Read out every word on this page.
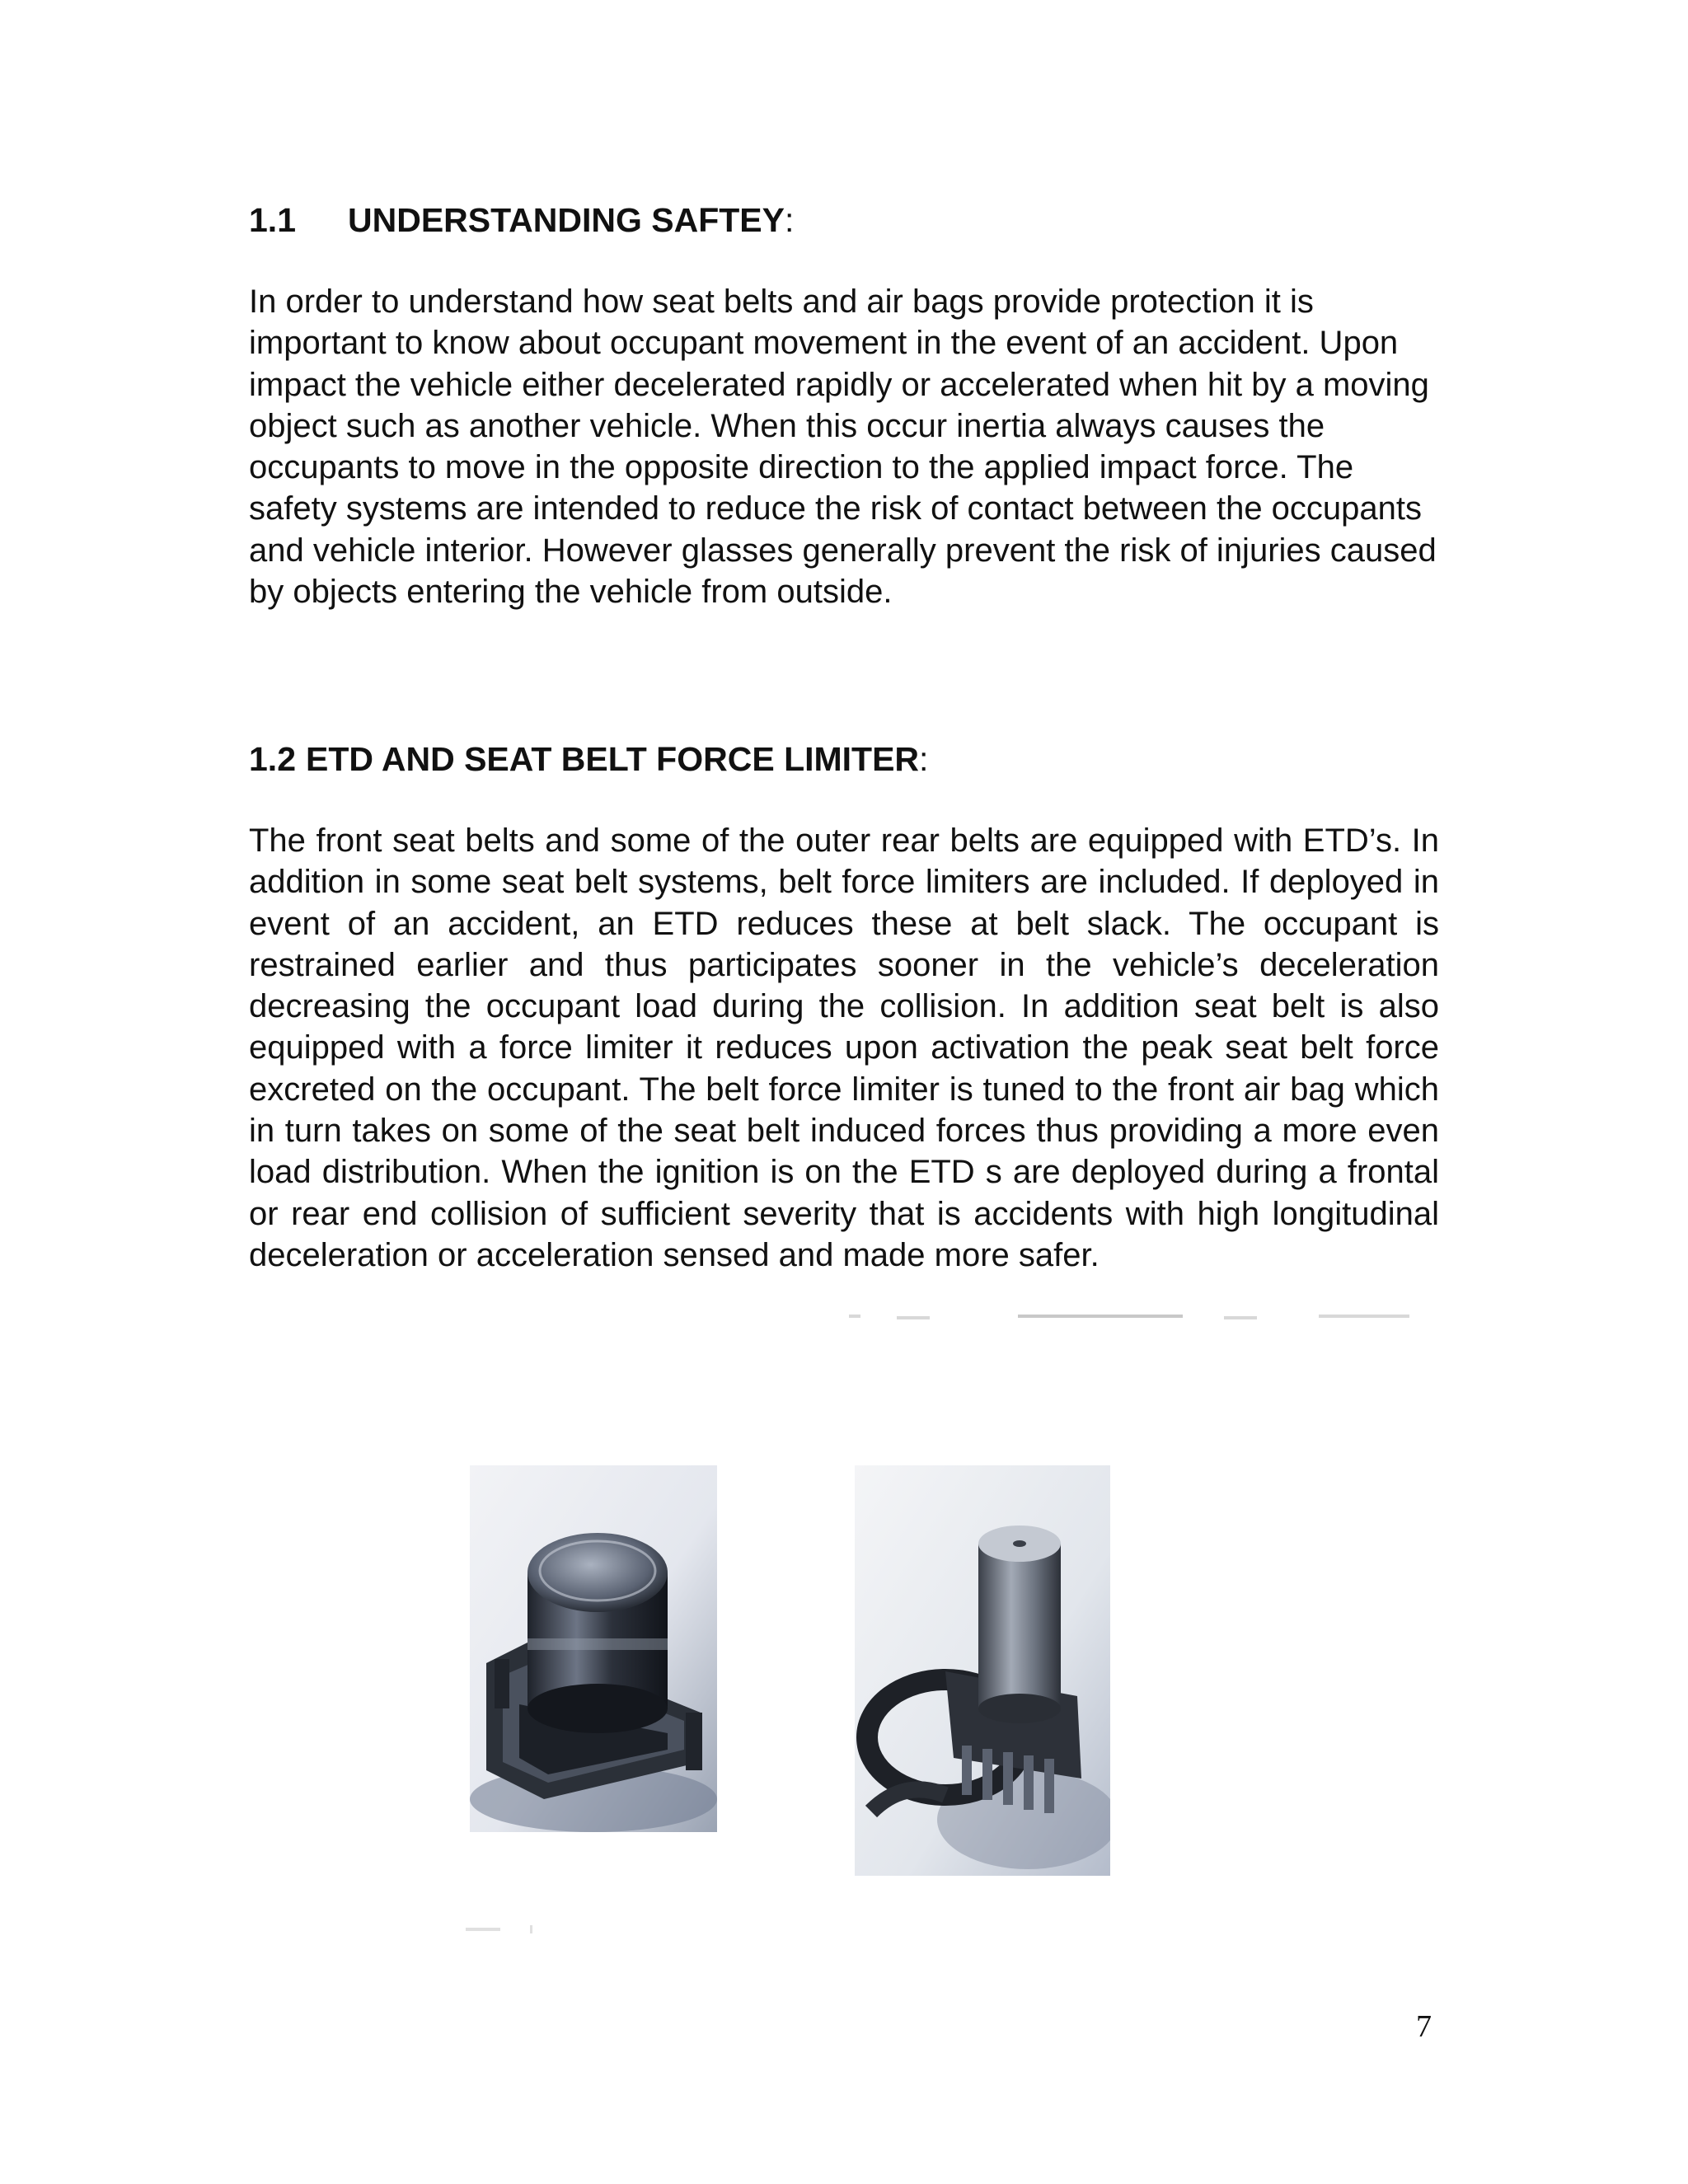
1.1 UNDERSTANDING SAFTEY:

In order to understand how seat belts and air bags provide protection it is important to know about occupant movement in the event of an accident. Upon impact the vehicle either decelerated rapidly or accelerated when hit by a moving object such as another vehicle. When this occur inertia always causes the occupants to move in the opposite direction to the applied impact force. The safety systems are intended to reduce the risk of contact between the occupants and vehicle interior. However glasses generally prevent the risk of injuries caused by objects entering the vehicle from outside.

1.2 ETD AND SEAT BELT FORCE LIMITER:

The front seat belts and some of the outer rear belts are equipped with ETD’s. In addition in some seat belt systems, belt force limiters are included. If deployed in event of an accident, an ETD reduces these at belt slack. The occupant is restrained earlier and thus participates sooner in the vehicle’s deceleration decreasing the occupant load during the collision. In addition seat belt is also equipped with a force limiter it reduces upon activation the peak seat belt force excreted on the occupant. The belt force limiter is tuned to the front air bag which in turn takes on some of the seat belt induced forces thus providing a more even load distribution. When the ignition is on the ETD s are deployed during a frontal or rear end collision of sufficient severity that is accidents with high longitudinal deceleration or acceleration sensed and made more safer.

7
